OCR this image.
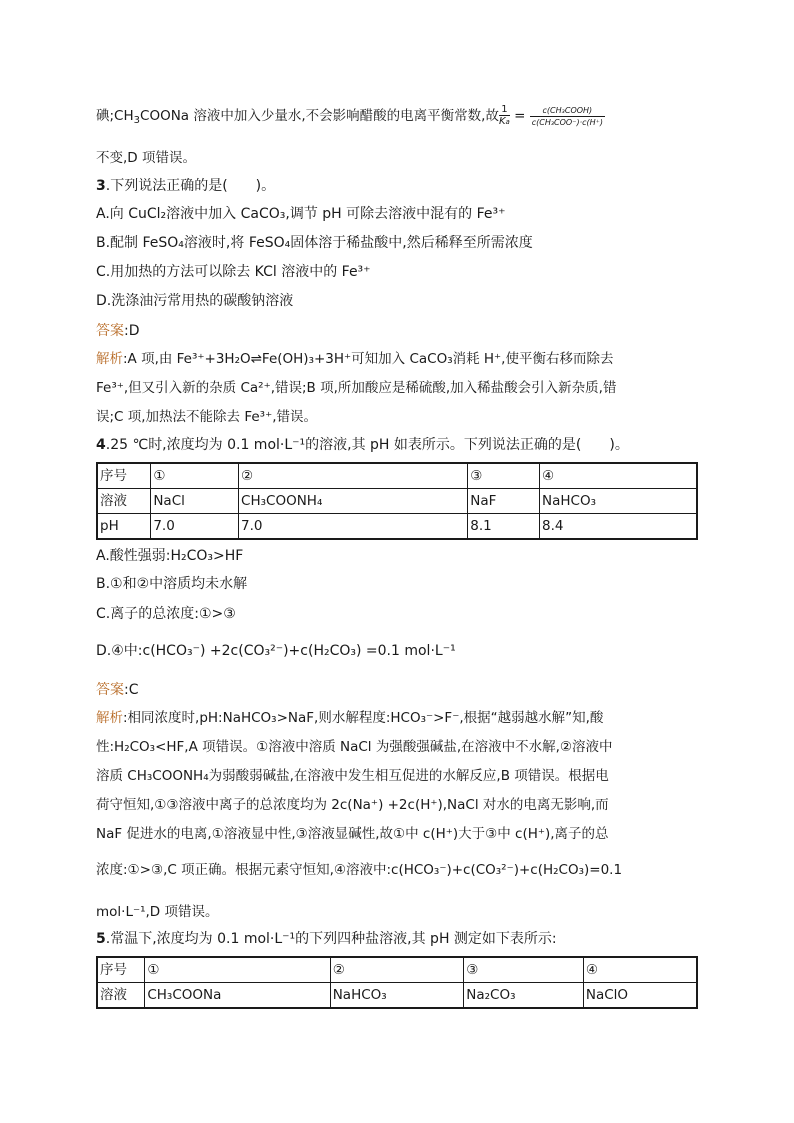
碘$;CH_3COONa$ 溶液中加入少量水,不会影响醋酸的电离平衡常数,故 $\frac{1}{Ka} = \frac{\text{c(CH₃COOH)}}{\text{c(CH₃COO⁻)·c(H⁺)}}$
不变,D 项错误。
3.下列说法正确的是(　　)。
A.向 CuCl₂溶液中加入 CaCO₃,调节 pH 可除去溶液中混有的 Fe³⁺
B.配制 FeSO₄溶液时,将 FeSO₄固体溶于稀盐酸中,然后稀释至所需浓度
C.用加热的方法可以除去 KCl 溶液中的 Fe³⁺
D.洗涤油污常用热的碳酸钠溶液
答案:D
解析:A 项,由 Fe³⁺+3H₂O⇌Fe(OH)₃+3H⁺可知加入 CaCO₃消耗 H⁺,使平衡右移而除去
Fe³⁺,但又引入新的杂质 Ca²⁺,错误;B 项,所加酸应是稀硫酸,加入稀盐酸会引入新杂质,错
误;C 项,加热法不能除去 Fe³⁺,错误。
4.25 ℃时,浓度均为 0.1 mol·L⁻¹的溶液,其 pH 如表所示。下列说法正确的是(　　)。
序号	①	②	③	④
溶液	NaCl	CH₃COONH₄	NaF	NaHCO₃
pH	7.0	7.0	8.1	8.4
A.酸性强弱:H₂CO₃>HF
B.①和②中溶质均未水解
C.离子的总浓度:①>③
D.④中:c(HCO₃⁻) +2c(CO₃²⁻)+c(H₂CO₃) =0.1 mol·L⁻¹
答案:C
解析:相同浓度时,pH:NaHCO₃>NaF,则水解程度:HCO₃⁻>F⁻,根据“越弱越水解”知,酸
性:H₂CO₃<HF,A 项错误。①溶液中溶质 NaCl 为强酸强碱盐,在溶液中不水解,②溶液中
溶质 CH₃COONH₄为弱酸弱碱盐,在溶液中发生相互促进的水解反应,B 项错误。根据电
荷守恒知,①③溶液中离子的总浓度均为 2c(Na⁺) +2c(H⁺),NaCl 对水的电离无影响,而
NaF 促进水的电离,①溶液显中性,③溶液显碱性,故①中 c(H⁺)大于③中 c(H⁺),离子的总
浓度:①>③,C 项正确。根据元素守恒知,④溶液中:c(HCO₃⁻)+c(CO₃²⁻)+c(H₂CO₃)=0.1
mol·L⁻¹,D 项错误。
5.常温下,浓度均为 0.1 mol·L⁻¹的下列四种盐溶液,其 pH 测定如下表所示:
序号	①	②	③	④
溶液	CH₃COONa	NaHCO₃	Na₂CO₃	NaClO
